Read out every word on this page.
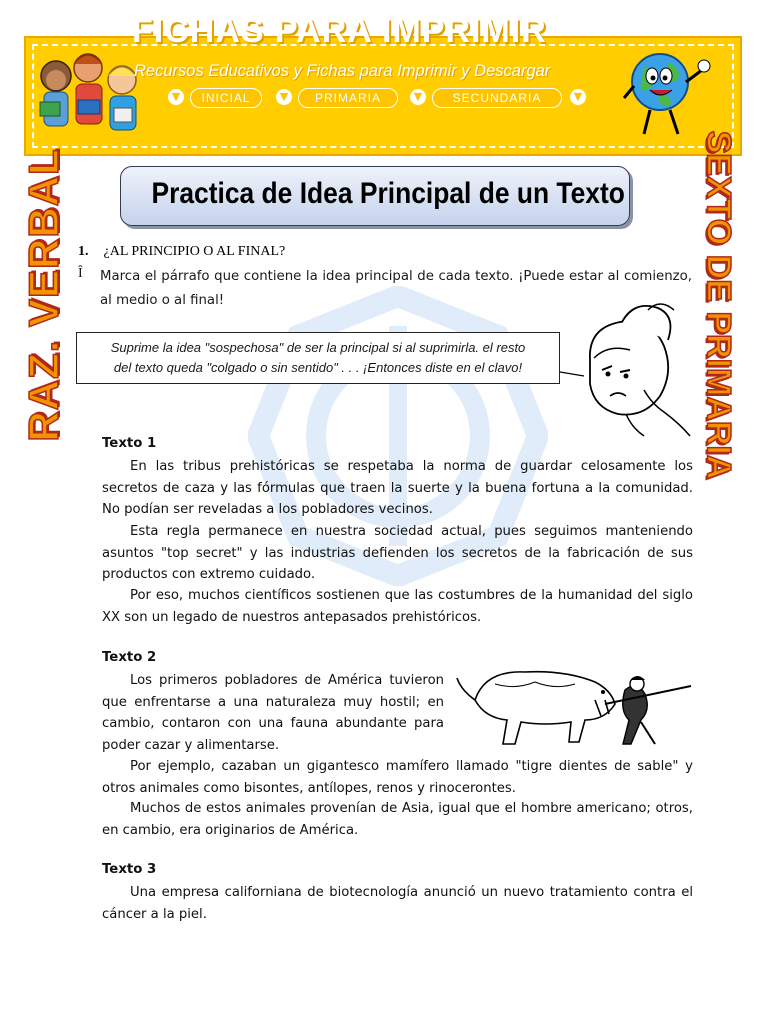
FICHAS PARA IMPRIMIR
Recursos Educativos y Fichas para Imprimir y Descargar
▼	INICIAL	▼	PRIMARIA	▼	SECUNDARIA	▼
RAZ. VERBAL	SEXTO DE PRIMARIA
Practica de Idea Principal de un Texto
1. ¿AL PRINCIPIO O AL FINAL?
Î Marca el párrafo que contiene la idea principal de cada texto. ¡Puede estar al comienzo, al medio o al final!
Suprime la idea "sospechosa" de ser la principal si al suprimirla. el resto
del texto queda "colgado o sin sentido" . . . ¡Entonces diste en el clavo!
Texto 1
En las tribus prehistóricas se respetaba la norma de guardar celosamente los secretos de caza y las fórmulas que traen la suerte y la buena fortuna a la comunidad. No podían ser reveladas a los pobladores vecinos.
Esta regla permanece en nuestra sociedad actual, pues seguimos manteniendo asuntos "top secret" y las industrias defienden los secretos de la fabricación de sus productos con extremo cuidado.
Por eso, muchos científicos sostienen que las costumbres de la humanidad del siglo XX son un legado de nuestros antepasados prehistóricos.
Texto 2
Los primeros pobladores de América tuvieron que enfrentarse a una naturaleza muy hostil; en cambio, contaron con una fauna abundante para poder cazar y alimentarse.
Por ejemplo, cazaban un gigantesco mamífero llamado "tigre dientes de sable" y otros animales como bisontes, antílopes, renos y rinocerontes.
Muchos de estos animales provenían de Asia, igual que el hombre americano; otros, en cambio, era originarios de América.
Texto 3
Una empresa californiana de biotecnología anunció un nuevo tratamiento contra el cáncer a la piel.
